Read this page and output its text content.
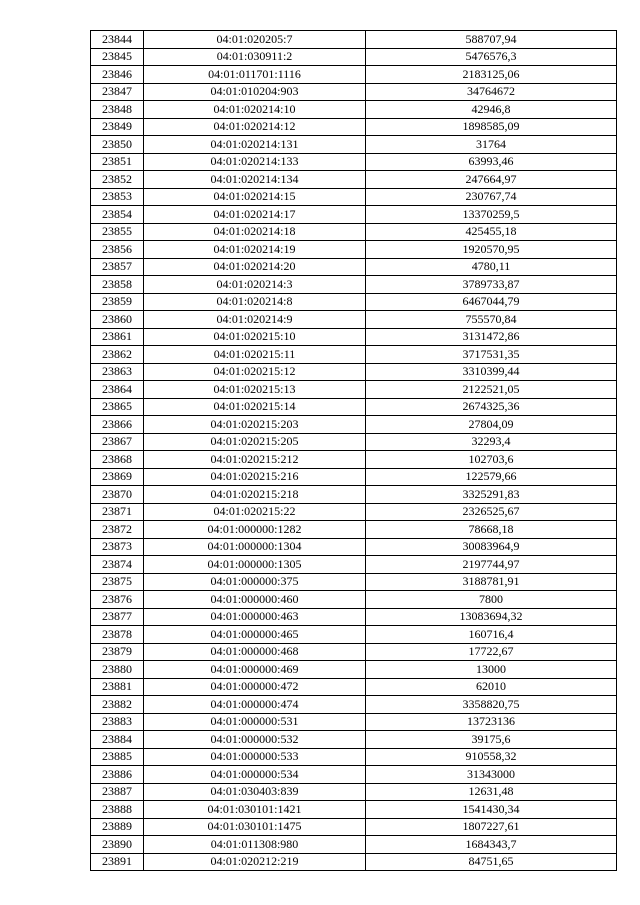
23844	04:01:020205:7	588707,94
23845	04:01:030911:2	5476576,3
23846	04:01:011701:1116	2183125,06
23847	04:01:010204:903	34764672
23848	04:01:020214:10	42946,8
23849	04:01:020214:12	1898585,09
23850	04:01:020214:131	31764
23851	04:01:020214:133	63993,46
23852	04:01:020214:134	247664,97
23853	04:01:020214:15	230767,74
23854	04:01:020214:17	13370259,5
23855	04:01:020214:18	425455,18
23856	04:01:020214:19	1920570,95
23857	04:01:020214:20	4780,11
23858	04:01:020214:3	3789733,87
23859	04:01:020214:8	6467044,79
23860	04:01:020214:9	755570,84
23861	04:01:020215:10	3131472,86
23862	04:01:020215:11	3717531,35
23863	04:01:020215:12	3310399,44
23864	04:01:020215:13	2122521,05
23865	04:01:020215:14	2674325,36
23866	04:01:020215:203	27804,09
23867	04:01:020215:205	32293,4
23868	04:01:020215:212	102703,6
23869	04:01:020215:216	122579,66
23870	04:01:020215:218	3325291,83
23871	04:01:020215:22	2326525,67
23872	04:01:000000:1282	78668,18
23873	04:01:000000:1304	30083964,9
23874	04:01:000000:1305	2197744,97
23875	04:01:000000:375	3188781,91
23876	04:01:000000:460	7800
23877	04:01:000000:463	13083694,32
23878	04:01:000000:465	160716,4
23879	04:01:000000:468	17722,67
23880	04:01:000000:469	13000
23881	04:01:000000:472	62010
23882	04:01:000000:474	3358820,75
23883	04:01:000000:531	13723136
23884	04:01:000000:532	39175,6
23885	04:01:000000:533	910558,32
23886	04:01:000000:534	31343000
23887	04:01:030403:839	12631,48
23888	04:01:030101:1421	1541430,34
23889	04:01:030101:1475	1807227,61
23890	04:01:011308:980	1684343,7
23891	04:01:020212:219	84751,65
